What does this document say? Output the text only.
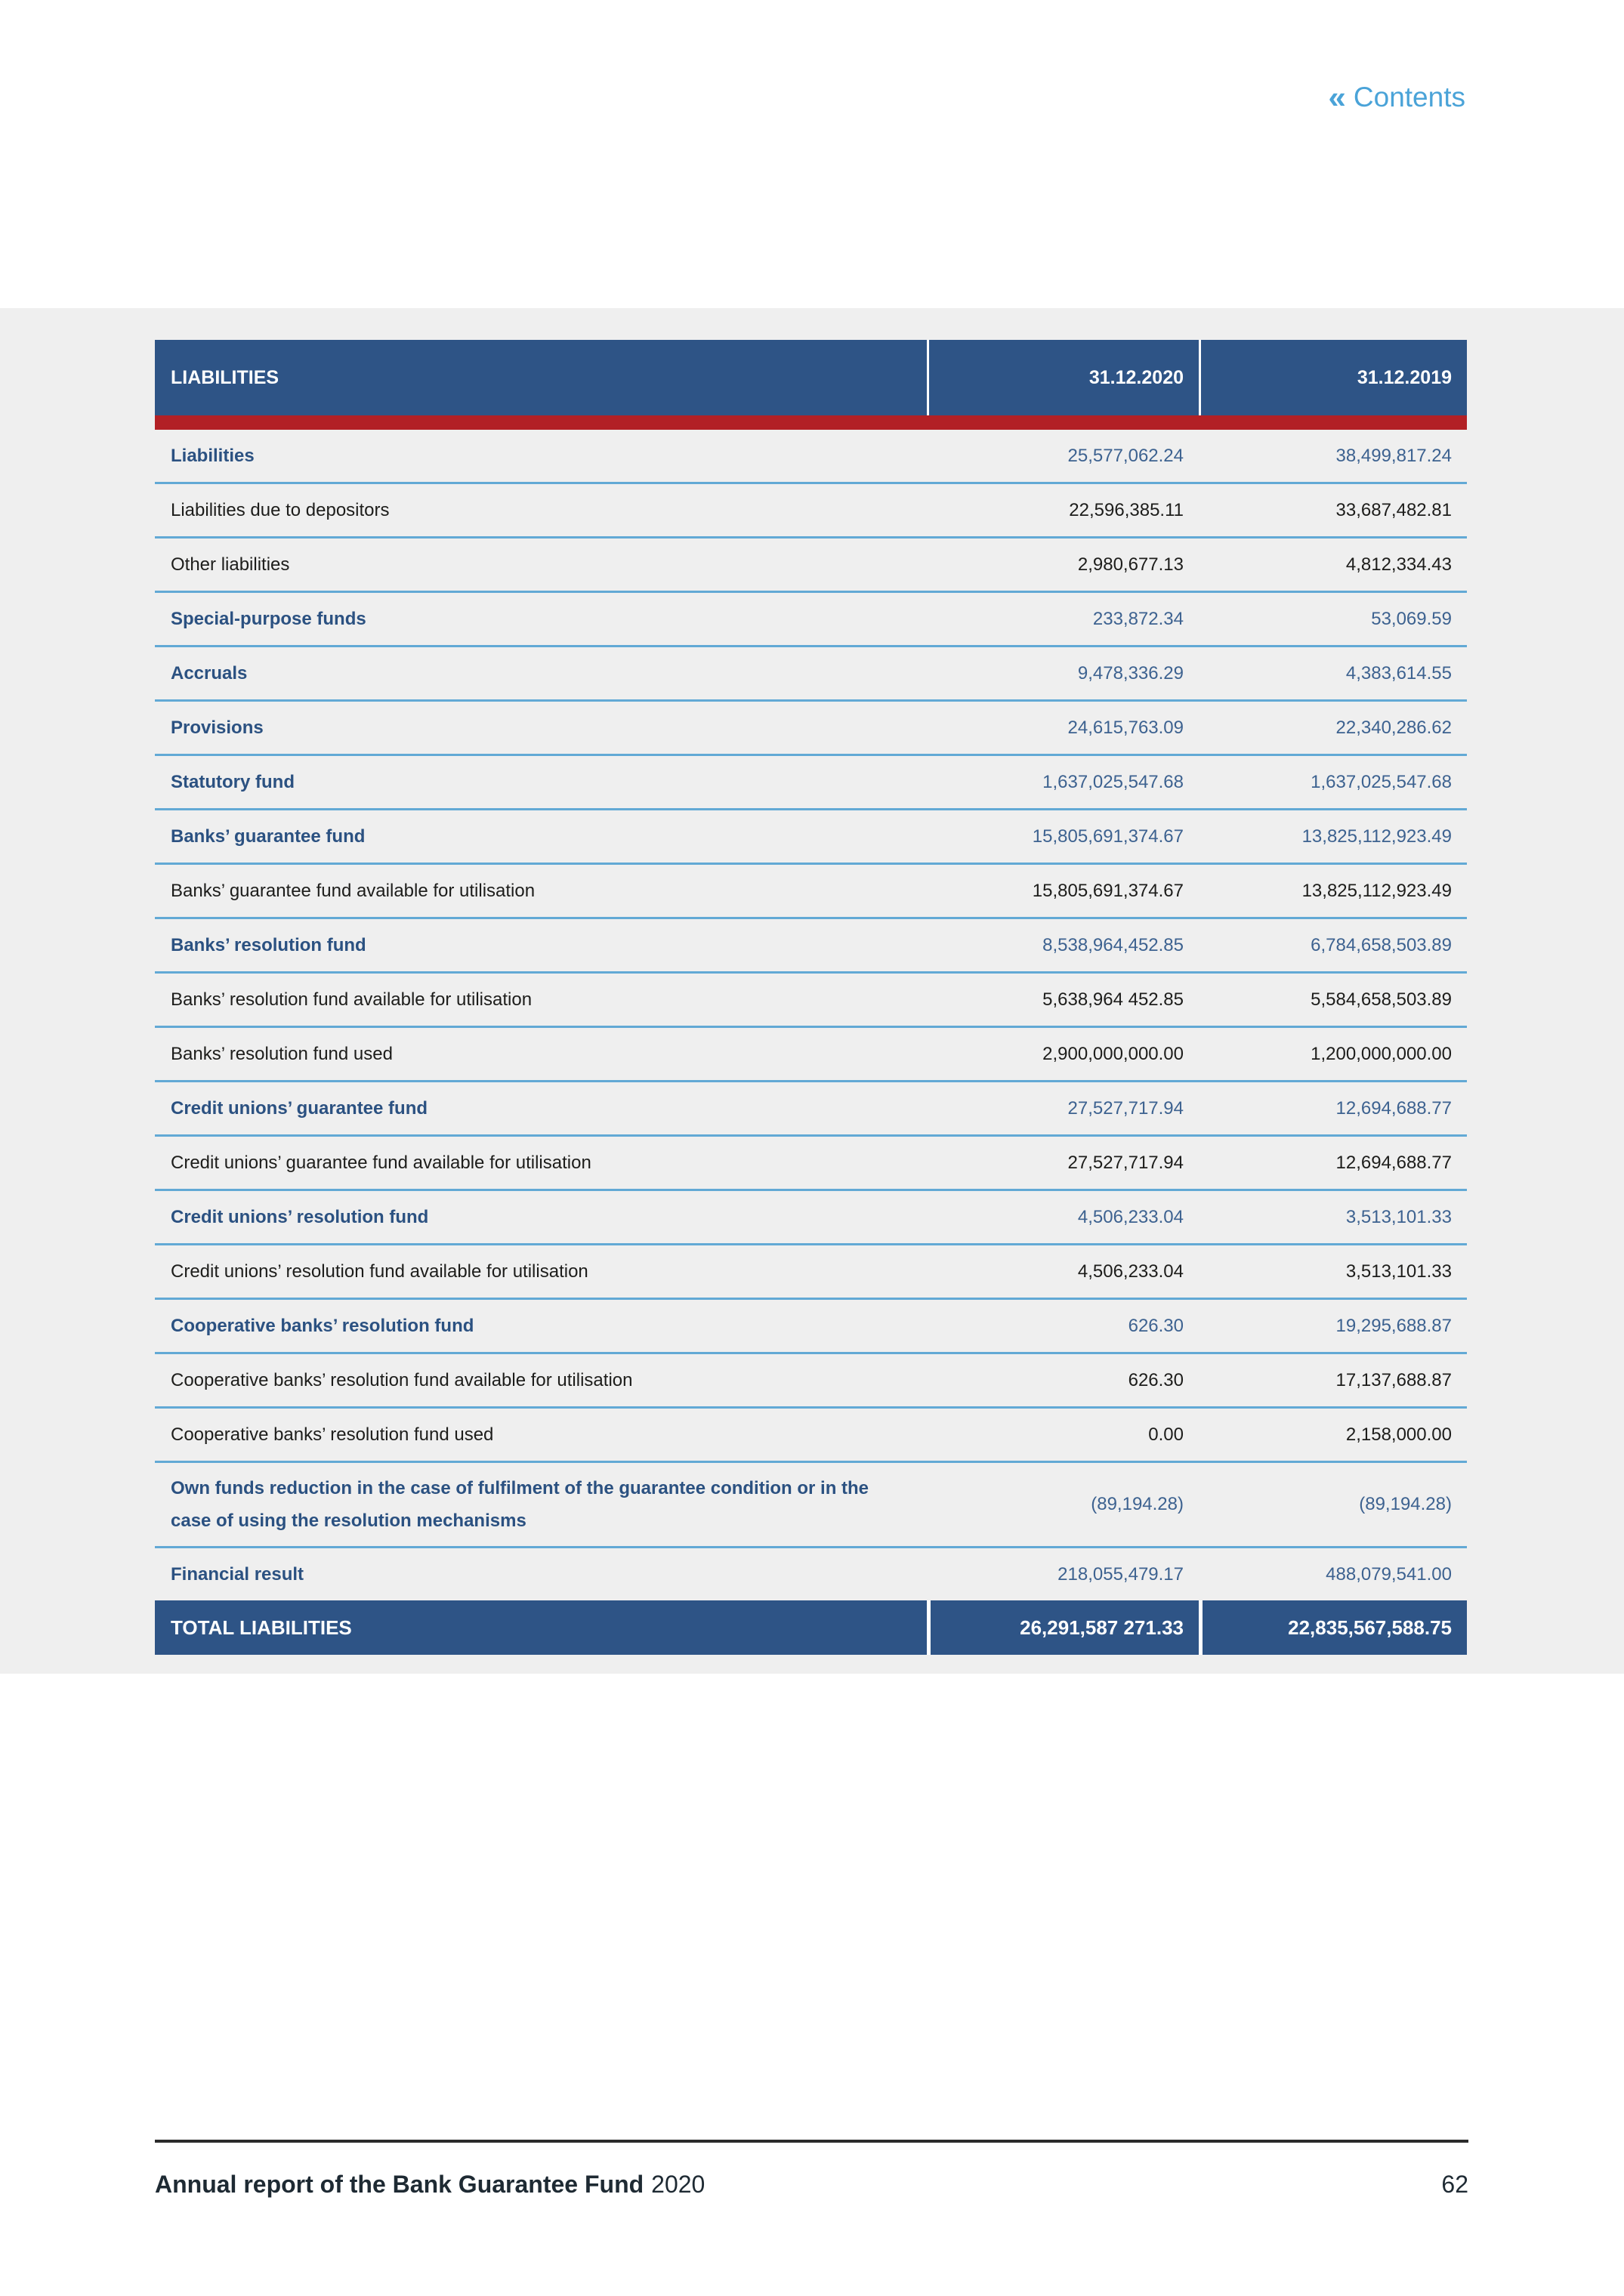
« Contents
LIABILITIES	31.12.2020	31.12.2019
Liabilities	25,577,062.24	38,499,817.24
Liabilities due to depositors	22,596,385.11	33,687,482.81
Other liabilities	2,980,677.13	4,812,334.43
Special-purpose funds	233,872.34	53,069.59
Accruals	9,478,336.29	4,383,614.55
Provisions	24,615,763.09	22,340,286.62
Statutory fund	1,637,025,547.68	1,637,025,547.68
Banks’ guarantee fund	15,805,691,374.67	13,825,112,923.49
Banks’ guarantee fund available for utilisation	15,805,691,374.67	13,825,112,923.49
Banks’ resolution fund	8,538,964,452.85	6,784,658,503.89
Banks’ resolution fund available for utilisation	5,638,964 452.85	5,584,658,503.89
Banks’ resolution fund used	2,900,000,000.00	1,200,000,000.00
Credit unions’ guarantee fund	27,527,717.94	12,694,688.77
Credit unions’ guarantee fund available for utilisation	27,527,717.94	12,694,688.77
Credit unions’ resolution fund	4,506,233.04	3,513,101.33
Credit unions’ resolution fund available for utilisation	4,506,233.04	3,513,101.33
Cooperative banks’ resolution fund	626.30	19,295,688.87
Cooperative banks’ resolution fund available for utilisation	626.30	17,137,688.87
Cooperative banks’ resolution fund used	0.00	2,158,000.00
Own funds reduction in the case of fulfilment of the guarantee condition or in the case of using the resolution mechanisms
(89,194.28)	(89,194.28)
Financial result	218,055,479.17	488,079,541.00
TOTAL LIABILITIES	26,291,587 271.33	22,835,567,588.75
Annual report of the Bank Guarantee Fund 2020	62
